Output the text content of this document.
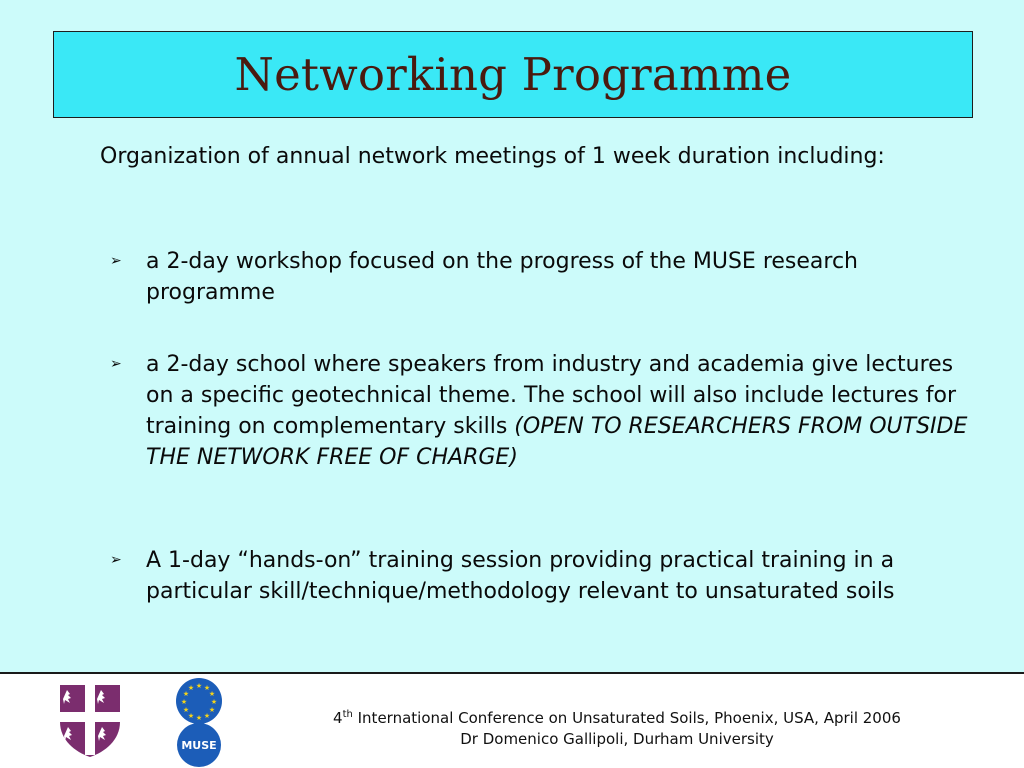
Networking Programme
Organization of annual network meetings of 1 week duration including:
➢ a 2-day workshop focused on the progress of the MUSE research programme
➢ a 2-day school where speakers from industry and academia give lectures on a specific geotechnical theme. The school will also include lectures for training on complementary skills (OPEN TO RESEARCHERS FROM OUTSIDE THE NETWORK FREE OF CHARGE)
➢ A 1-day “hands-on” training session providing practical training in a particular skill/technique/methodology relevant to unsaturated soils
★ ★
★
★
★
★
★
★
★
★
★
★
MUSE
4th International Conference on Unsaturated Soils, Phoenix, USA, April 2006
Dr Domenico Gallipoli, Durham University
